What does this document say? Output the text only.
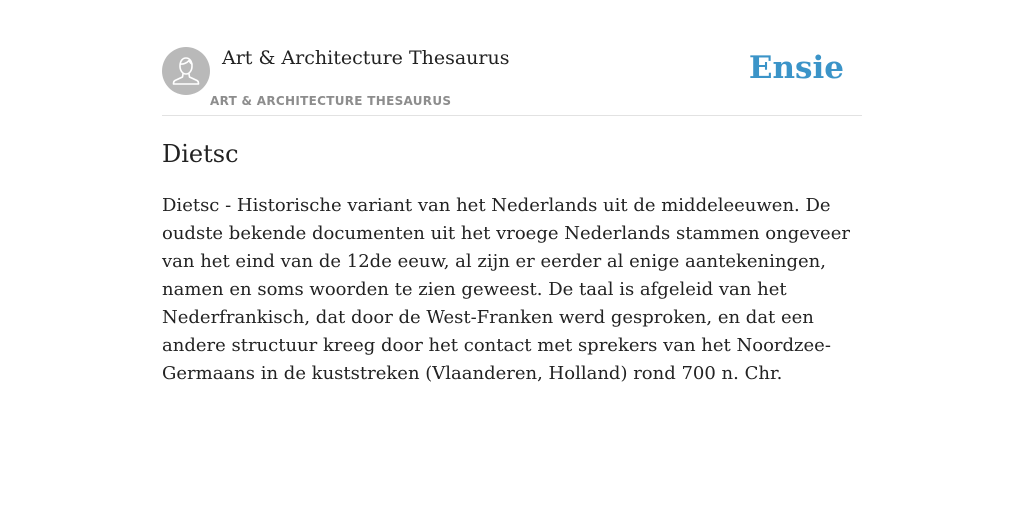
Art & Architecture Thesaurus
ART & ARCHITECTURE THESAURUS
Ensie
Dietsc

Dietsc - Historische variant van het Nederlands uit de middeleeuwen. De oudste bekende documenten uit het vroege Nederlands stammen ongeveer van het eind van de 12de eeuw, al zijn er eerder al enige aantekeningen, namen en soms woorden te zien geweest. De taal is afgeleid van het Nederfrankisch, dat door de West-Franken werd gesproken, en dat een andere structuur kreeg door het contact met sprekers van het Noordzee-Germaans in de kuststreken (Vlaanderen, Holland) rond 700 n. Chr.
